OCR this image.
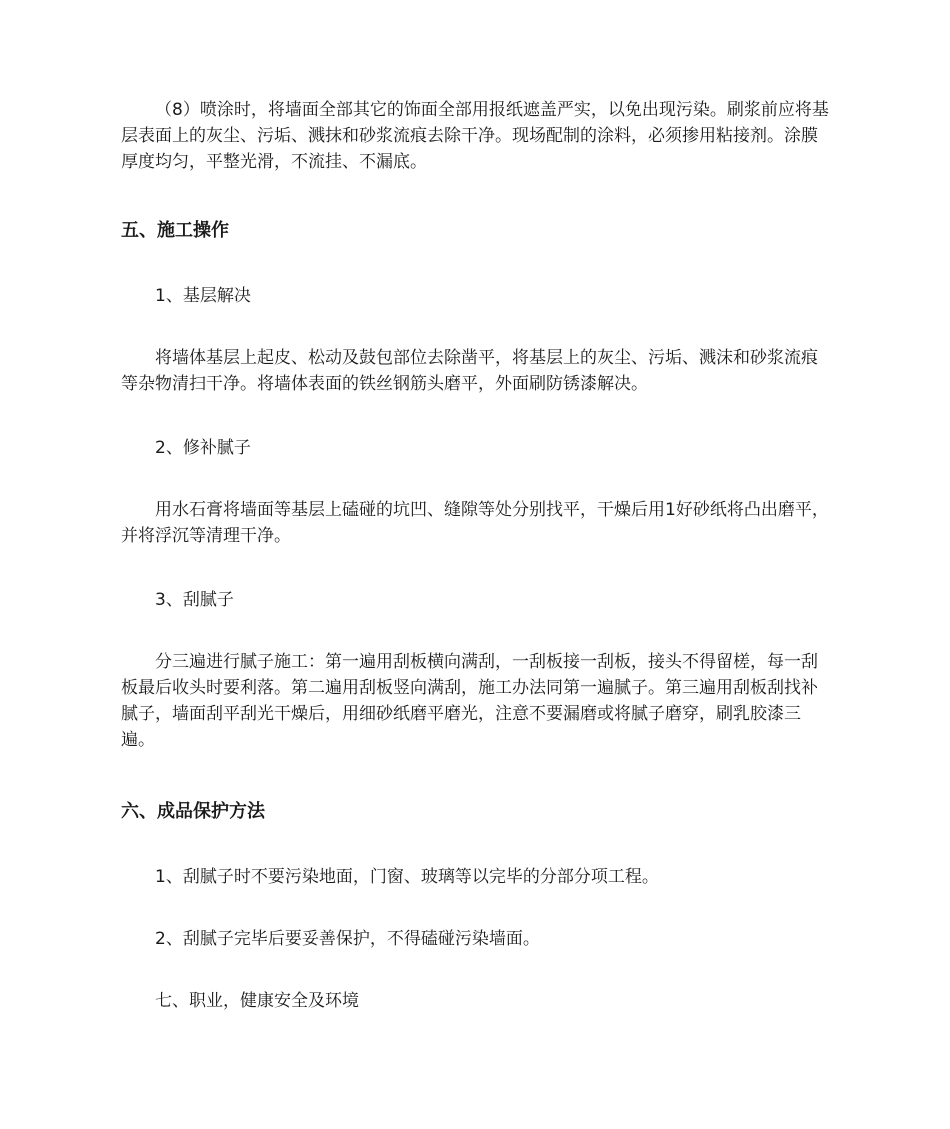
（8）喷涂时，将墙面全部其它的饰面全部用报纸遮盖严实，以免出现污染。刷浆前应将基层表面上的灰尘、污垢、溅抹和砂浆流痕去除干净。现场配制的涂料，必须掺用粘接剂。涂膜厚度均匀，平整光滑，不流挂、不漏底。

五、施工操作

1、基层解决

将墙体基层上起皮、松动及鼓包部位去除凿平，将基层上的灰尘、污垢、溅沫和砂浆流痕等杂物清扫干净。将墙体表面的铁丝钢筋头磨平，外面刷防锈漆解决。

2、修补腻子

用水石膏将墙面等基层上磕碰的坑凹、缝隙等处分别找平，干燥后用1好砂纸将凸出磨平，并将浮沉等清理干净。

3、刮腻子

分三遍进行腻子施工：第一遍用刮板横向满刮，一刮板接一刮板，接头不得留槎，每一刮板最后收头时要利落。第二遍用刮板竖向满刮，施工办法同第一遍腻子。第三遍用刮板刮找补腻子，墙面刮平刮光干燥后，用细砂纸磨平磨光，注意不要漏磨或将腻子磨穿，刷乳胶漆三遍。

六、成品保护方法

1、刮腻子时不要污染地面，门窗、玻璃等以完毕的分部分项工程。

2、刮腻子完毕后要妥善保护，不得磕碰污染墙面。

七、职业，健康安全及环境
